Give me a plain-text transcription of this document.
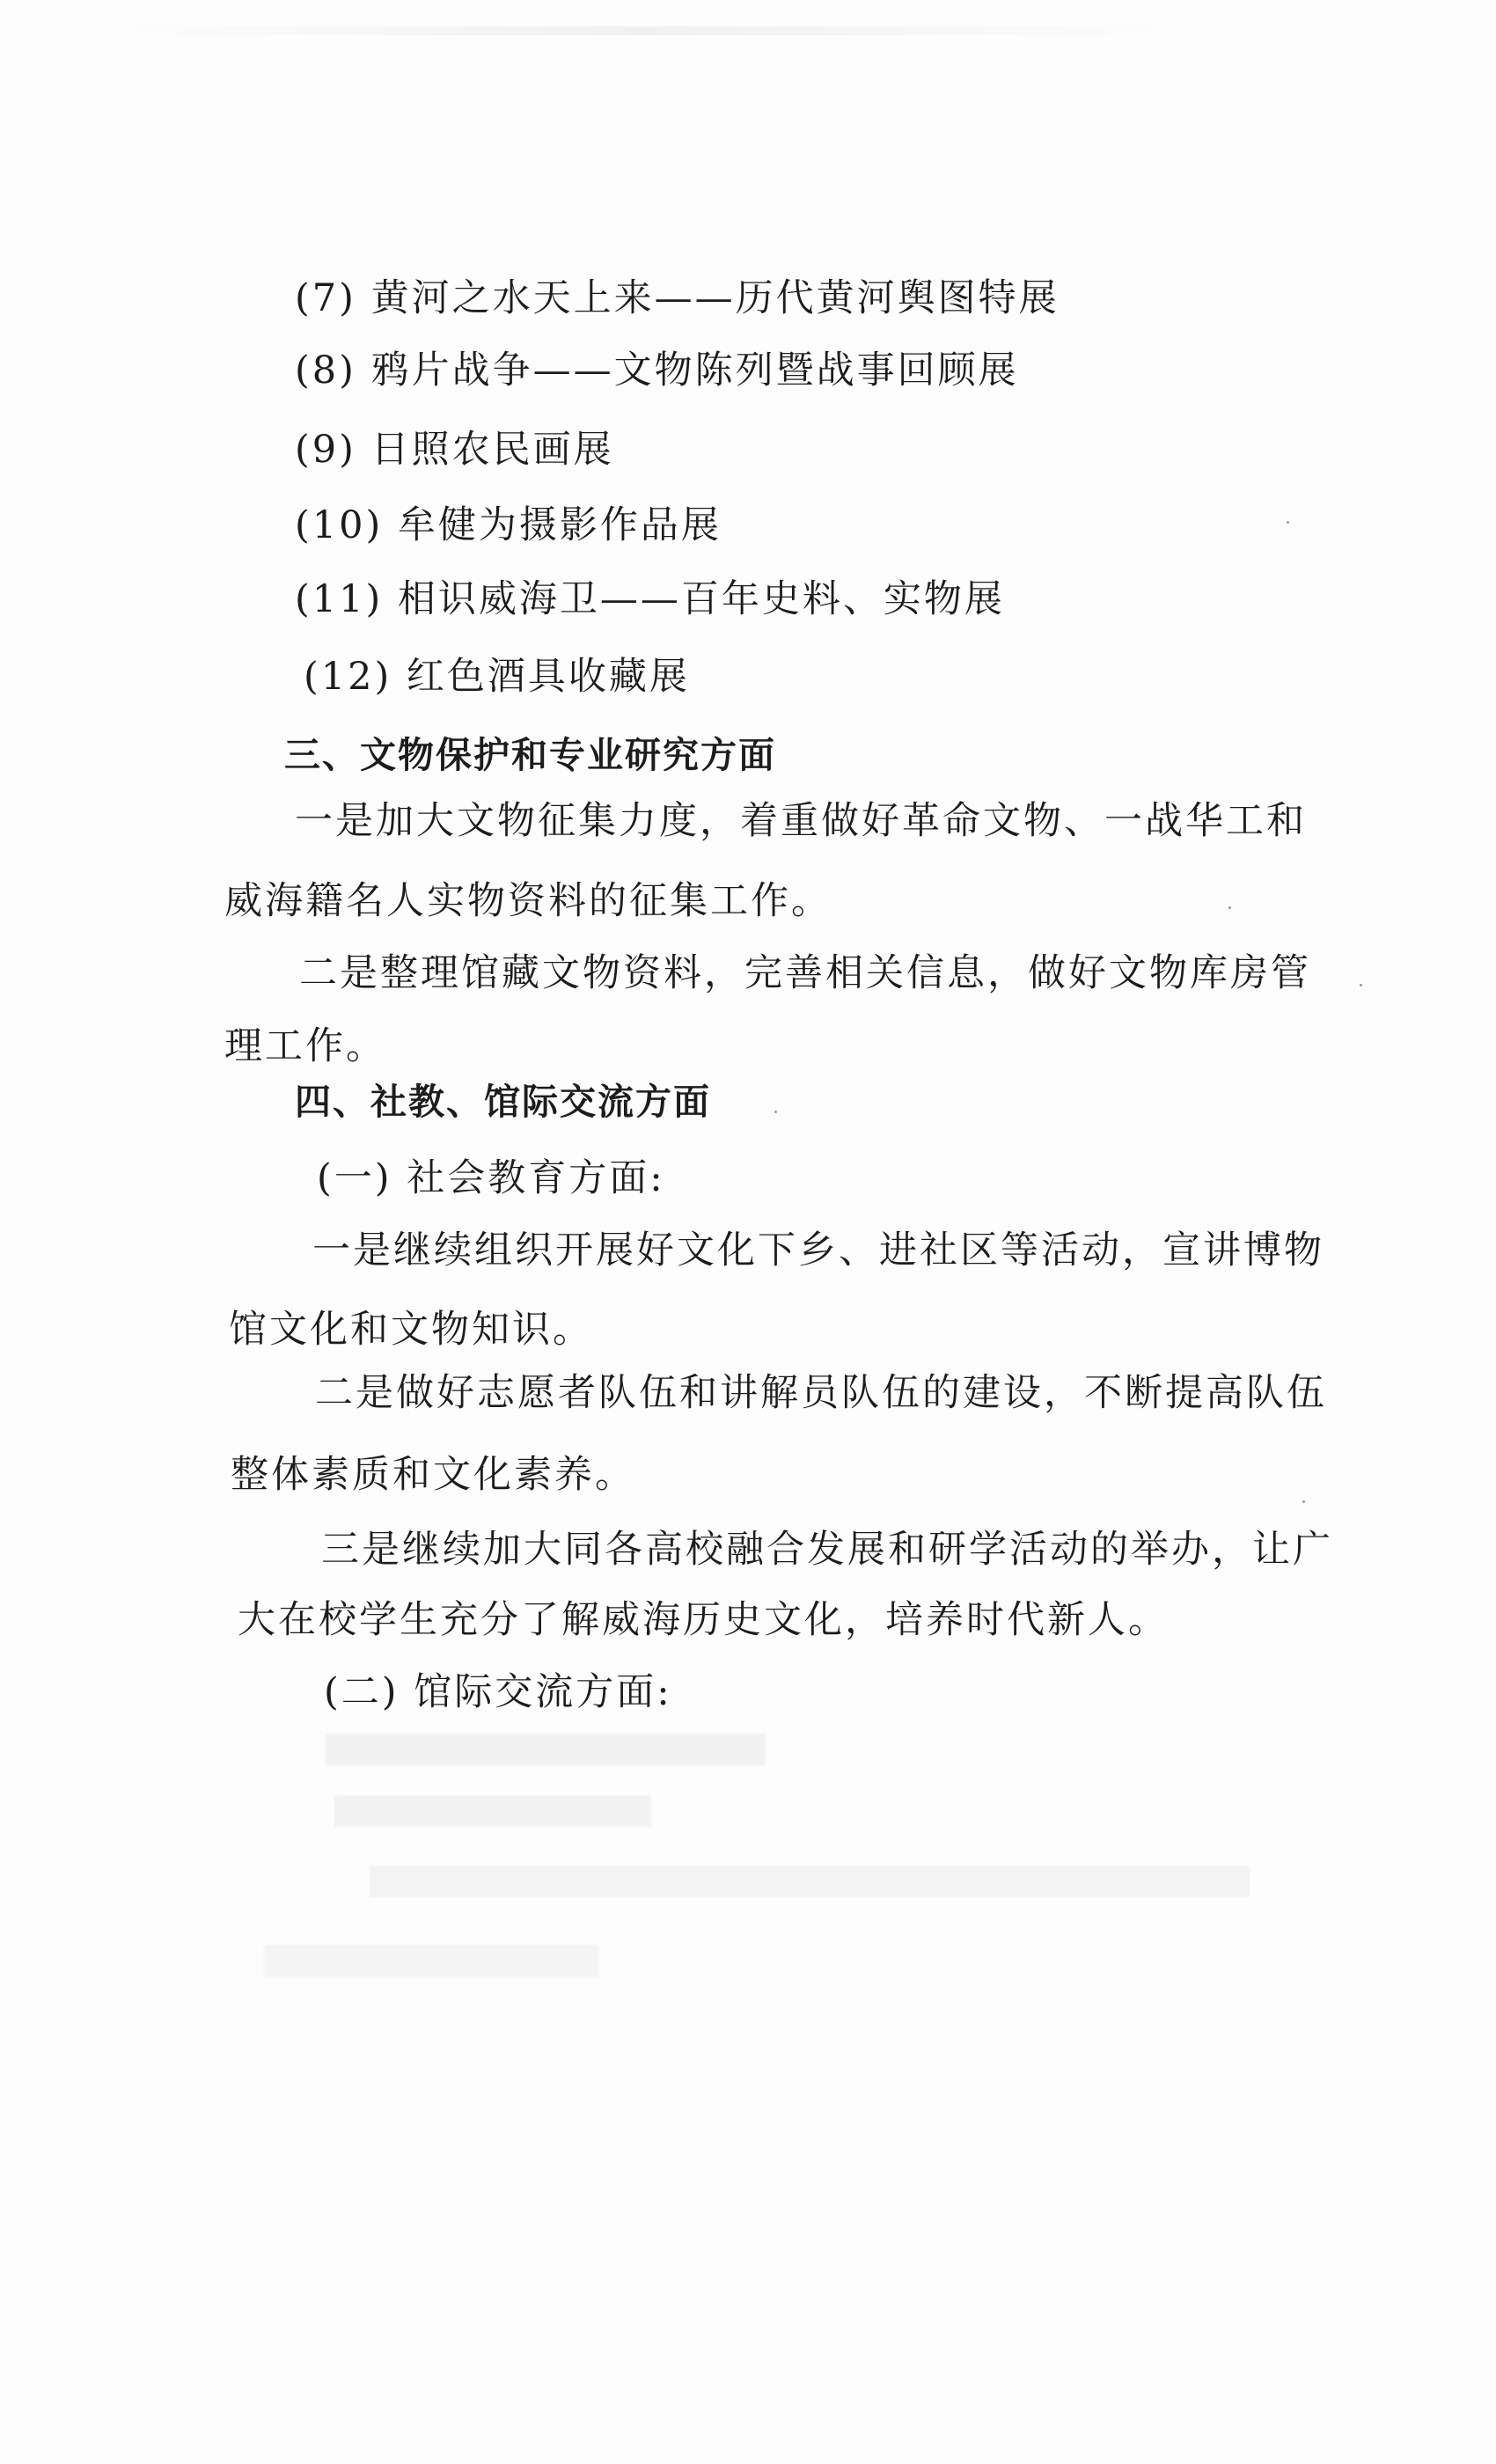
(7) 黄河之水天上来——历代黄河舆图特展
(8) 鸦片战争——文物陈列暨战事回顾展
(9) 日照农民画展
(10) 牟健为摄影作品展
(11) 相识威海卫——百年史料、实物展
(12) 红色酒具收藏展
三、文物保护和专业研究方面
一是加大文物征集力度，着重做好革命文物、一战华工和
威海籍名人实物资料的征集工作。
二是整理馆藏文物资料，完善相关信息，做好文物库房管
理工作。
四、社教、馆际交流方面
(一) 社会教育方面:
一是继续组织开展好文化下乡、进社区等活动，宣讲博物
馆文化和文物知识。
二是做好志愿者队伍和讲解员队伍的建设，不断提高队伍
整体素质和文化素养。
三是继续加大同各高校融合发展和研学活动的举办，让广
大在校学生充分了解威海历史文化，培养时代新人。
(二) 馆际交流方面:
